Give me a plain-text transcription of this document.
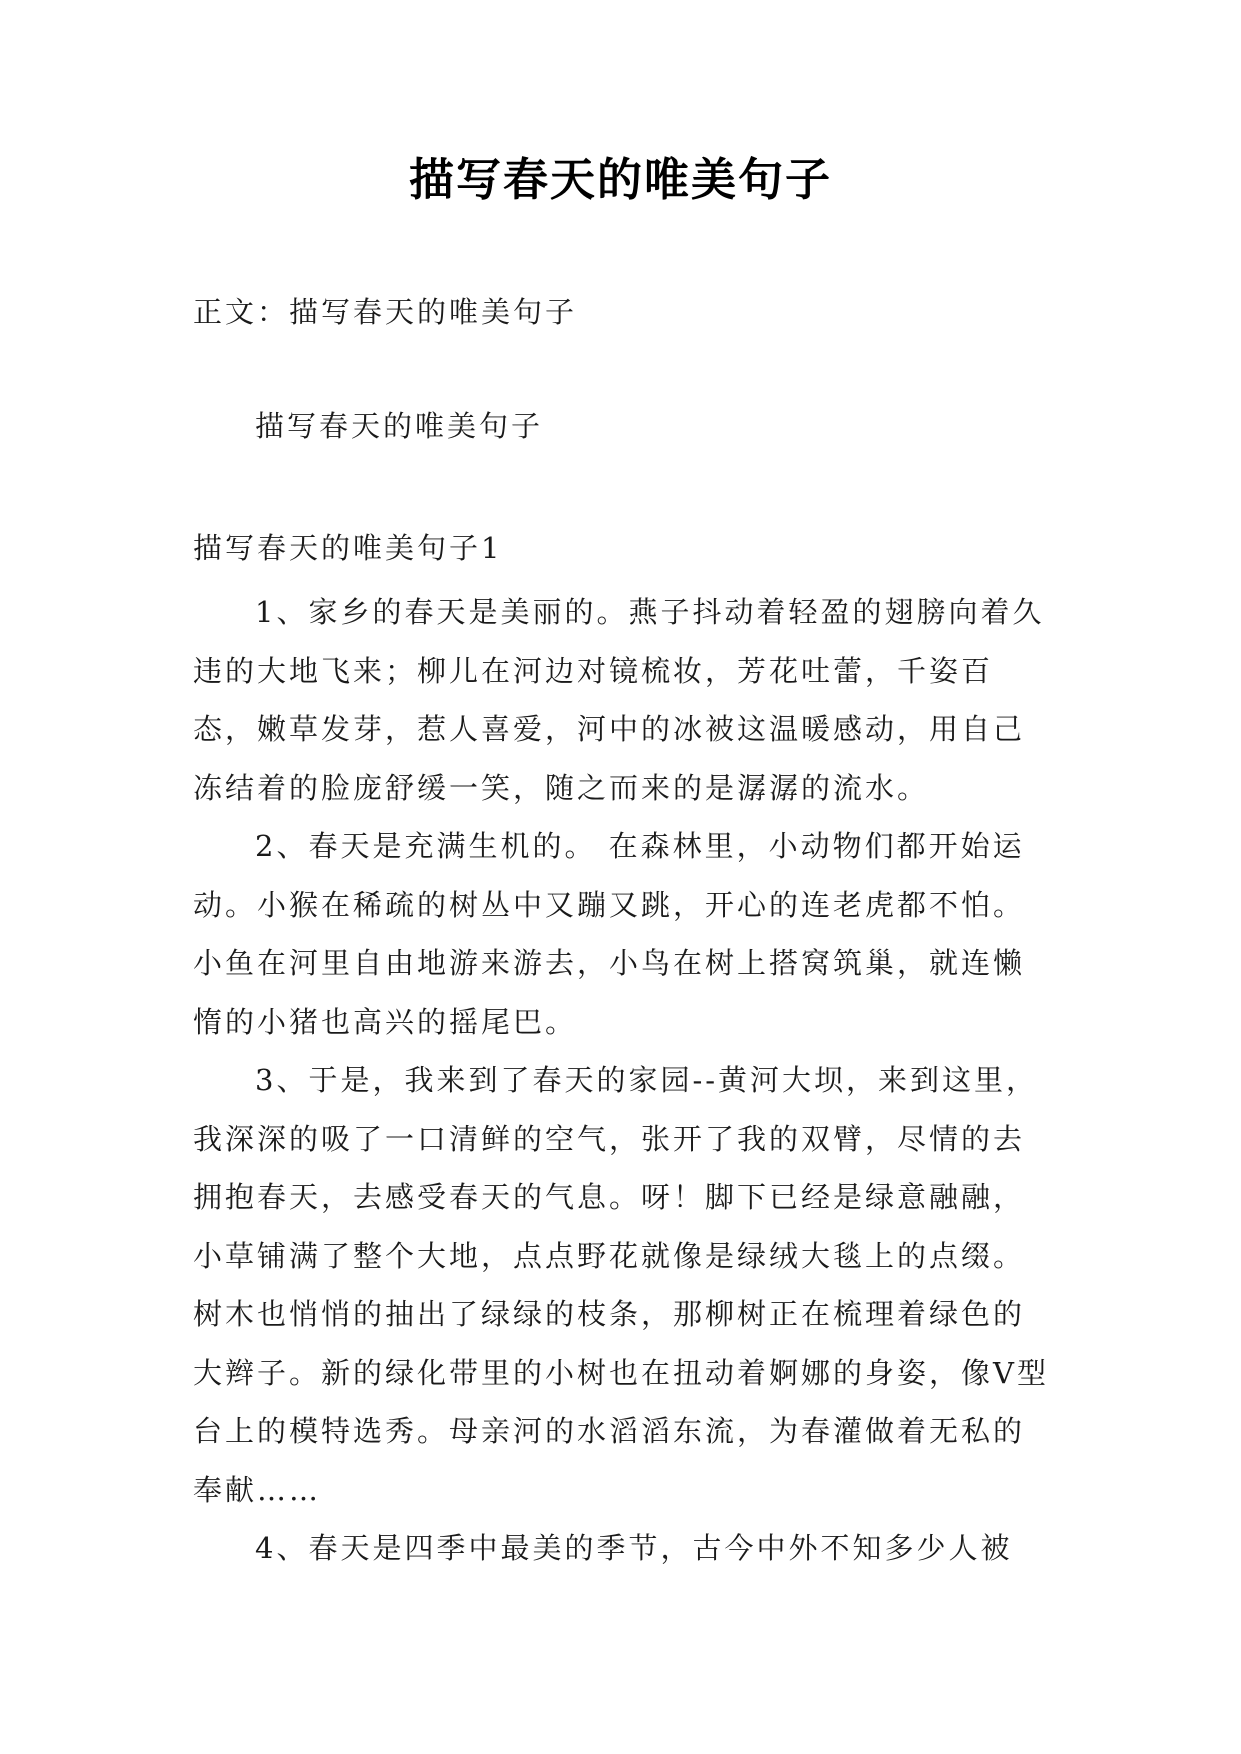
描写春天的唯美句子
正文：描写春天的唯美句子
描写春天的唯美句子
描写春天的唯美句子1

1、家乡的春天是美丽的。燕子抖动着轻盈的翅膀向着久违的大地飞来；柳儿在河边对镜梳妆，芳花吐蕾，千姿百态，嫩草发芽，惹人喜爱，河中的冰被这温暖感动，用自己冻结着的脸庞舒缓一笑，随之而来的是潺潺的流水。

2、春天是充满生机的。 在森林里，小动物们都开始运动。小猴在稀疏的树丛中又蹦又跳，开心的连老虎都不怕。小鱼在河里自由地游来游去，小鸟在树上搭窝筑巢，就连懒惰的小猪也高兴的摇尾巴。

3、于是，我来到了春天的家园--黄河大坝，来到这里，我深深的吸了一口清鲜的空气，张开了我的双臂，尽情的去拥抱春天，去感受春天的气息。呀！脚下已经是绿意融融，小草铺满了整个大地，点点野花就像是绿绒大毯上的点缀。树木也悄悄的抽出了绿绿的枝条，那柳树正在梳理着绿色的大辫子。新的绿化带里的小树也在扭动着婀娜的身姿，像V型台上的模特选秀。母亲河的水滔滔东流，为春灌做着无私的奉献……

4、春天是四季中最美的季节，古今中外不知多少人被
